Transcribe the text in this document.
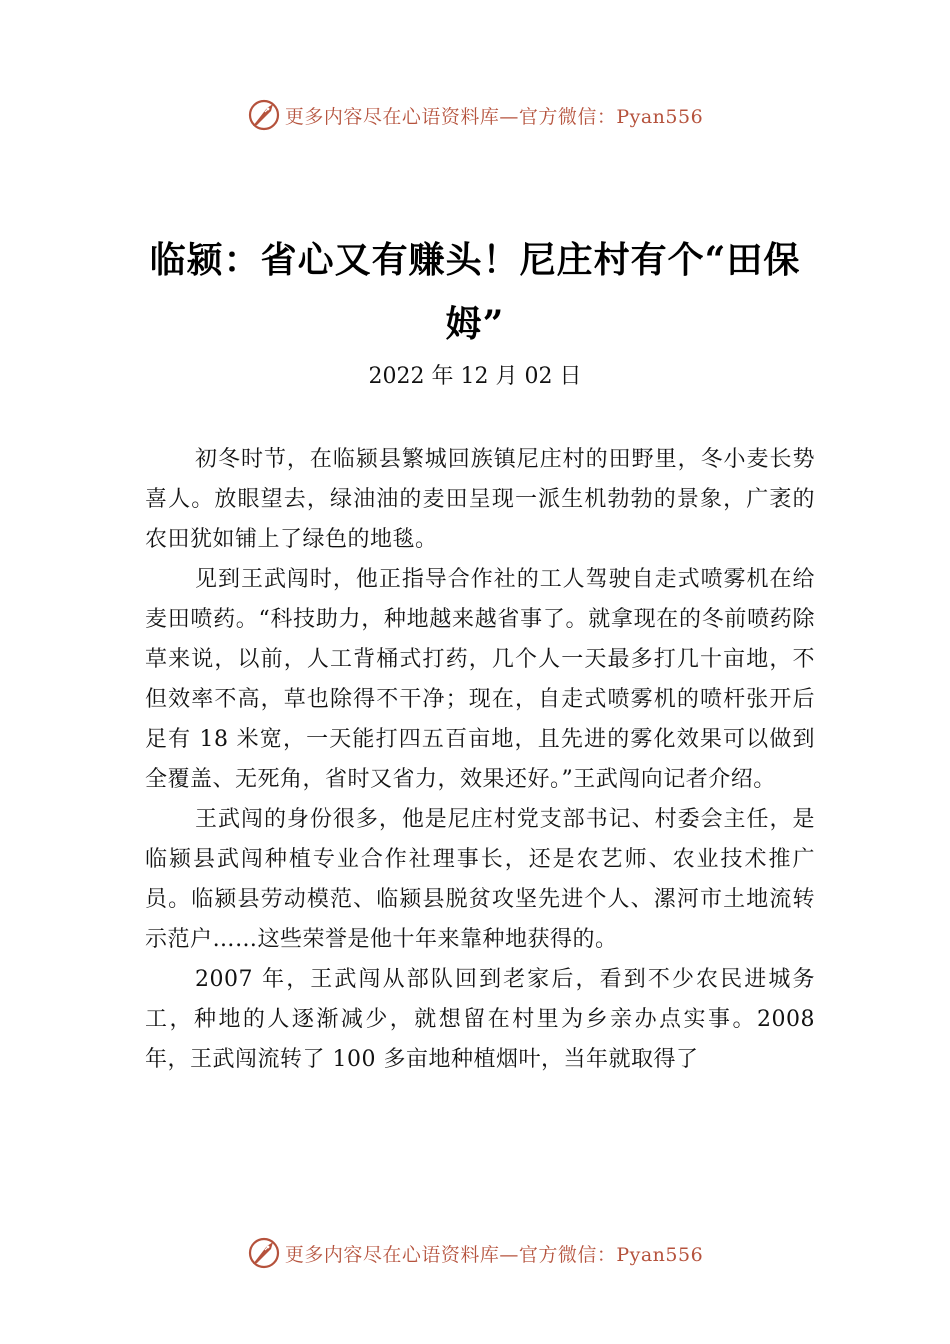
更多内容尽在心语资料库—官方微信：Pyan556
临颍：省心又有赚头！尼庄村有个“田保姆”
2022 年 12 月 02 日

初冬时节，在临颍县繁城回族镇尼庄村的田野里，冬小麦长势喜人。放眼望去，绿油油的麦田呈现一派生机勃勃的景象，广袤的农田犹如铺上了绿色的地毯。

见到王武闯时，他正指导合作社的工人驾驶自走式喷雾机在给麦田喷药。“科技助力，种地越来越省事了。就拿现在的冬前喷药除草来说，以前，人工背桶式打药，几个人一天最多打几十亩地，不但效率不高，草也除得不干净；现在，自走式喷雾机的喷杆张开后足有 18 米宽，一天能打四五百亩地，且先进的雾化效果可以做到全覆盖、无死角，省时又省力，效果还好。”王武闯向记者介绍。

王武闯的身份很多，他是尼庄村党支部书记、村委会主任，是临颍县武闯种植专业合作社理事长，还是农艺师、农业技术推广员。临颍县劳动模范、临颍县脱贫攻坚先进个人、漯河市土地流转示范户……这些荣誉是他十年来靠种地获得的。

2007 年，王武闯从部队回到老家后，看到不少农民进城务工，种地的人逐渐减少，就想留在村里为乡亲办点实事。2008 年，王武闯流转了 100 多亩地种植烟叶，当年就取得了

更多内容尽在心语资料库—官方微信：Pyan556
